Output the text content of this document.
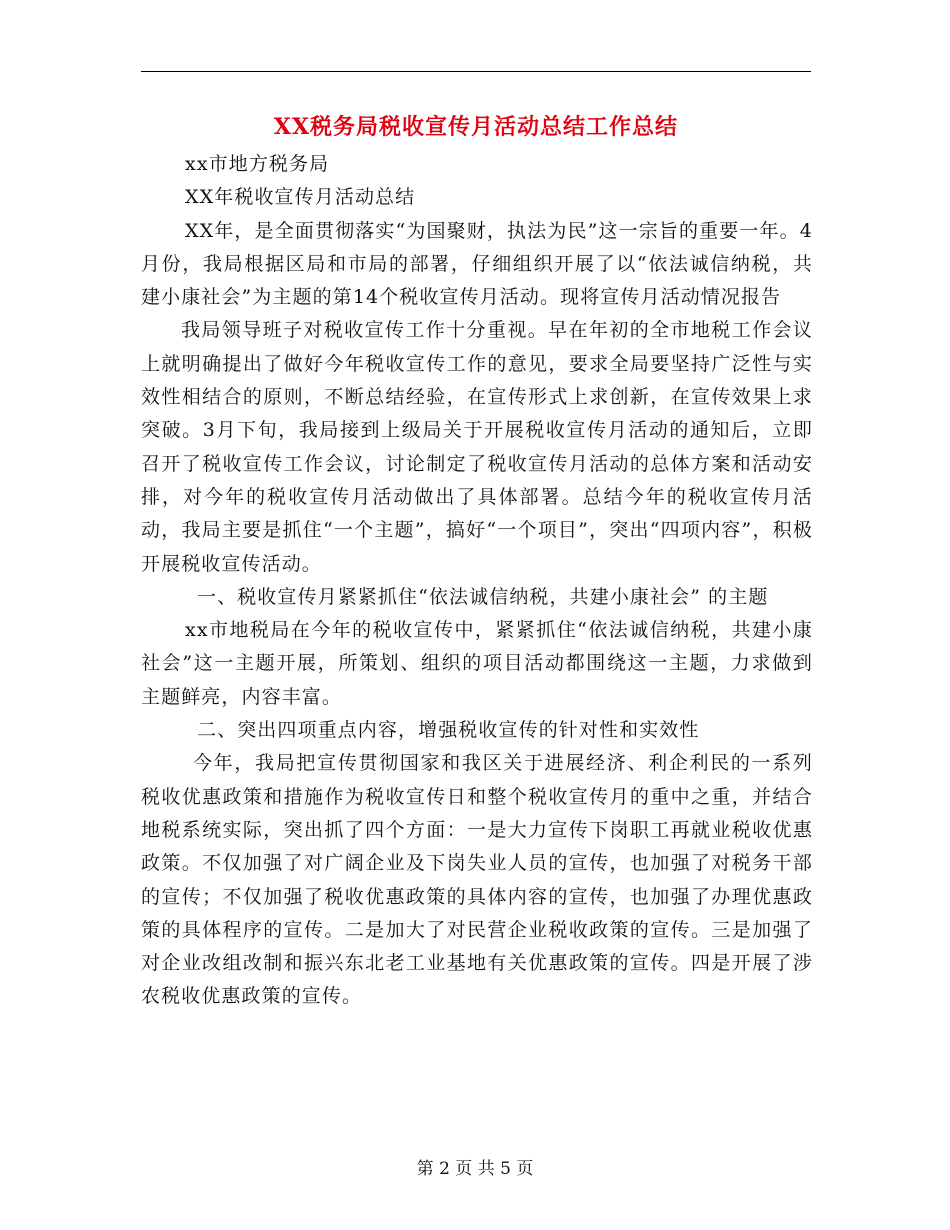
XX税务局税收宣传月活动总结工作总结

xx市地方税务局

XX年税收宣传月活动总结

XX年，是全面贯彻落实“为国聚财，执法为民”这一宗旨的重要一年。4月份，我局根据区局和市局的部署，仔细组织开展了以“依法诚信纳税，共建小康社会”为主题的第14个税收宣传月活动。现将宣传月活动情况报告

我局领导班子对税收宣传工作十分重视。早在年初的全市地税工作会议上就明确提出了做好今年税收宣传工作的意见，要求全局要坚持广泛性与实效性相结合的原则，不断总结经验，在宣传形式上求创新，在宣传效果上求突破。3月下旬，我局接到上级局关于开展税收宣传月活动的通知后，立即召开了税收宣传工作会议，讨论制定了税收宣传月活动的总体方案和活动安排，对今年的税收宣传月活动做出了具体部署。总结今年的税收宣传月活动，我局主要是抓住“一个主题”，搞好“一个项目”，突出“四项内容”，积极开展税收宣传活动。

一、税收宣传月紧紧抓住“依法诚信纳税，共建小康社会” 的主题

xx市地税局在今年的税收宣传中，紧紧抓住“依法诚信纳税，共建小康社会”这一主题开展，所策划、组织的项目活动都围绕这一主题，力求做到主题鲜亮，内容丰富。

二、突出四项重点内容，增强税收宣传的针对性和实效性

今年，我局把宣传贯彻国家和我区关于进展经济、利企利民的一系列税收优惠政策和措施作为税收宣传日和整个税收宣传月的重中之重，并结合地税系统实际，突出抓了四个方面：一是大力宣传下岗职工再就业税收优惠政策。不仅加强了对广阔企业及下岗失业人员的宣传，也加强了对税务干部的宣传；不仅加强了税收优惠政策的具体内容的宣传，也加强了办理优惠政策的具体程序的宣传。二是加大了对民营企业税收政策的宣传。三是加强了对企业改组改制和振兴东北老工业基地有关优惠政策的宣传。四是开展了涉农税收优惠政策的宣传。

第 2 页 共 5 页
